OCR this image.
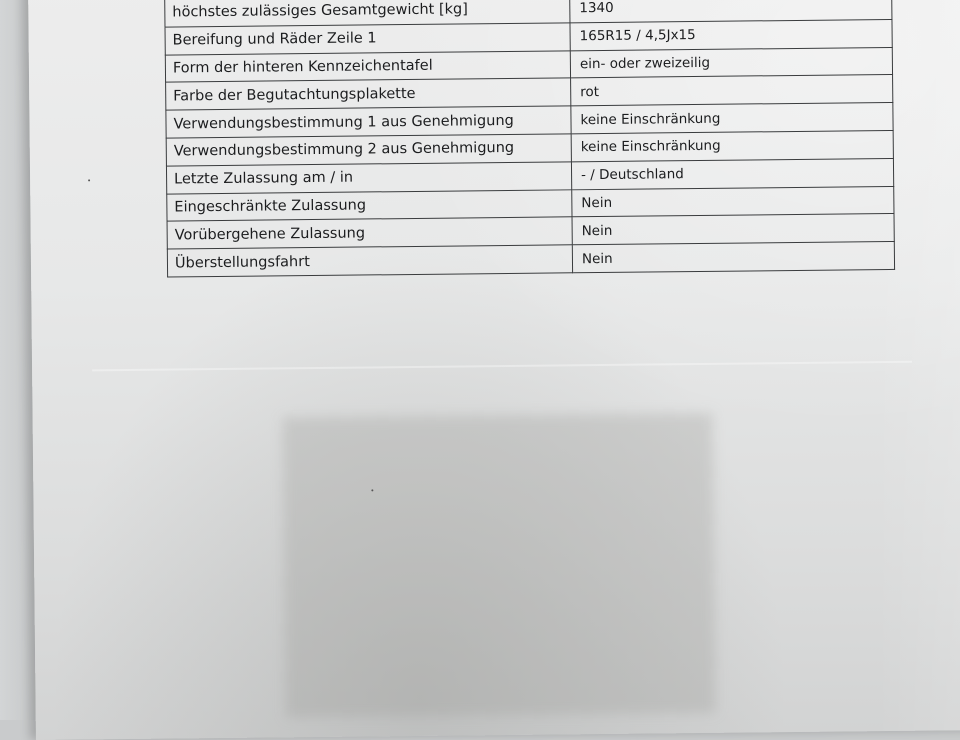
höchstes zulässiges Gesamtgewicht [kg]	1340
Bereifung und Räder Zeile 1	165R15 / 4,5Jx15
Form der hinteren Kennzeichentafel	ein- oder zweizeilig
Farbe der Begutachtungsplakette	rot
Verwendungsbestimmung 1 aus Genehmigung	keine Einschränkung
Verwendungsbestimmung 2 aus Genehmigung	keine Einschränkung
Letzte Zulassung am / in	- / Deutschland
Eingeschränkte Zulassung	Nein
Vorübergehene Zulassung	Nein
Überstellungsfahrt	Nein
